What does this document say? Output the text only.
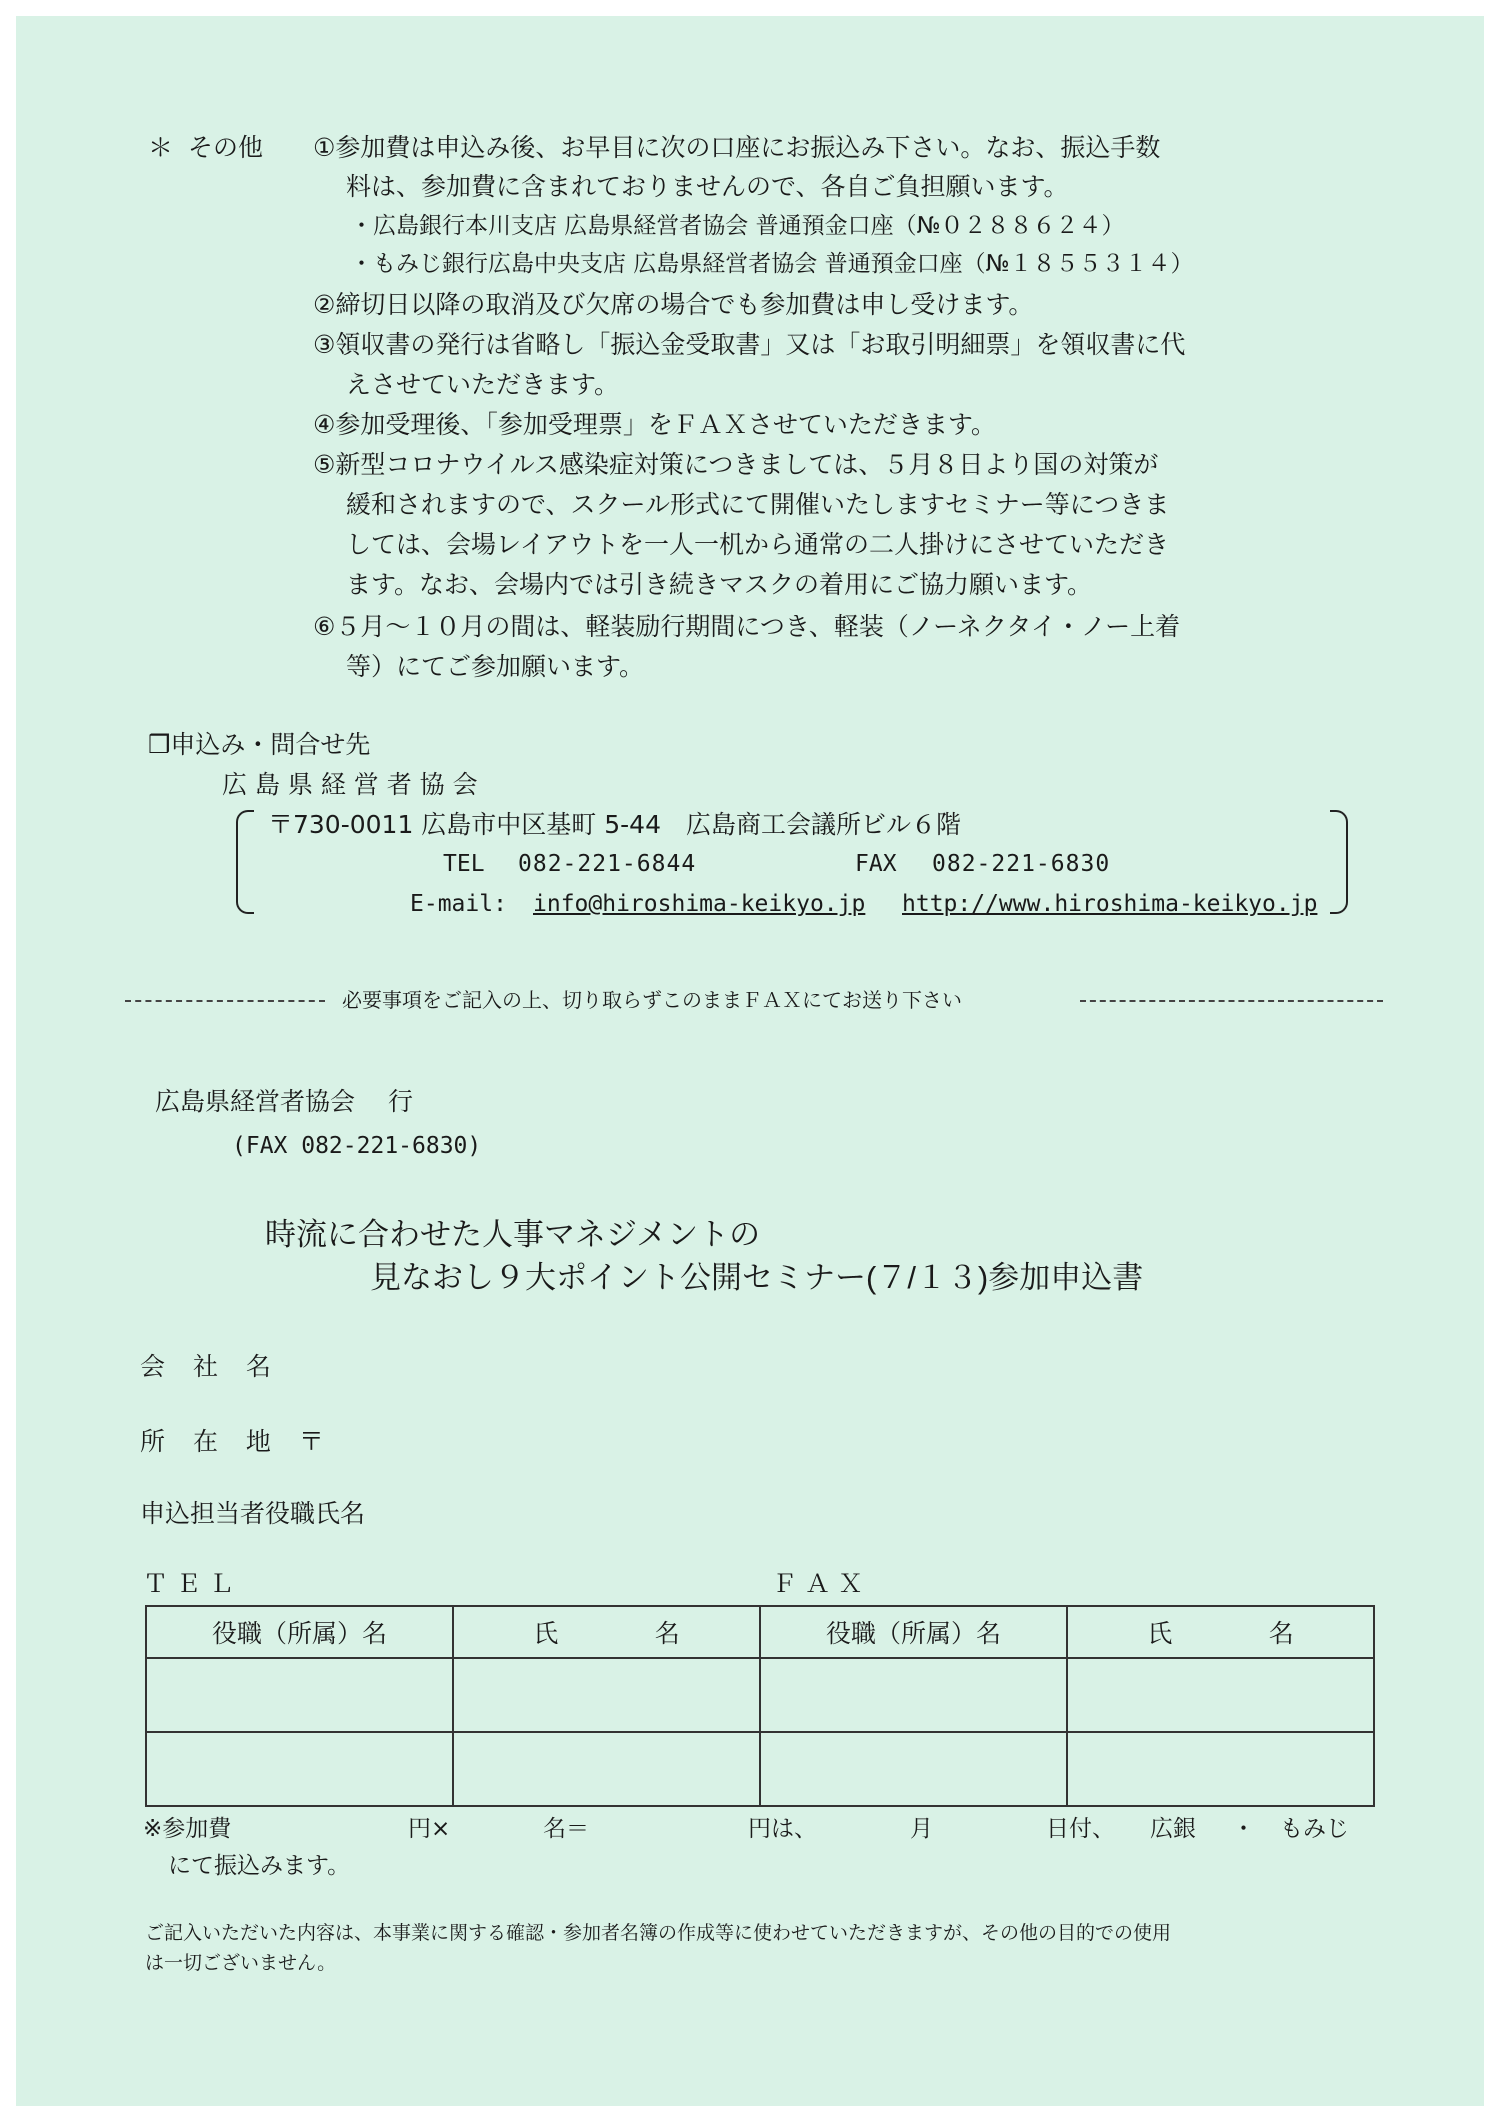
＊ その他 ①参加費は申込み後、お早目に次の口座にお振込み下さい。なお、振込手数
料は、参加費に含まれておりませんので、各自ご負担願います。
・広島銀行本川支店 広島県経営者協会 普通預金口座（№０２８８６２４）
・もみじ銀行広島中央支店 広島県経営者協会 普通預金口座（№１８５５３１４）
②締切日以降の取消及び欠席の場合でも参加費は申し受けます。
③領収書の発行は省略し「振込金受取書」又は「お取引明細票」を領収書に代
えさせていただきます。
④参加受理後、「参加受理票」をＦＡＸさせていただきます。
⑤新型コロナウイルス感染症対策につきましては、５月８日より国の対策が
緩和されますので、スクール形式にて開催いたしますセミナー等につきま
しては、会場レイアウトを一人一机から通常の二人掛けにさせていただき
ます。なお、会場内では引き続きマスクの着用にご協力願います。
⑥５月～１０月の間は、軽装励行期間につき、軽装（ノーネクタイ・ノー上着
等）にてご参加願います。
❒申込み・問合せ先
広 島 県 経 営 者 協 会
〒730-0011 広島市中区基町 5-44　広島商工会議所ビル６階
TEL 082-221-6844	FAX 082-221-6830
E-mail: info@hiroshima-keikyo.jp http://www.hiroshima-keikyo.jp
必要事項をご記入の上、切り取らずこのままＦＡＸにてお送り下さい
広島県経営者協会　 行
(FAX 082-221-6830)
時流に合わせた人事マネジメントの
見なおし９大ポイント公開セミナー(７/１３)参加申込書
会 社 名
所 在 地 〒
申込担当者役職氏名
ＴＥＬ	ＦＡＸ
役職（所属）名	氏 名	役職（所属）名	氏 名

※参加費	円×	名＝	円は、	月	日付、 広銀 ・ もみじ
にて振込みます。
ご記入いただいた内容は、本事業に関する確認・参加者名簿の作成等に使わせていただきますが、その他の目的での使用
は一切ございません。
